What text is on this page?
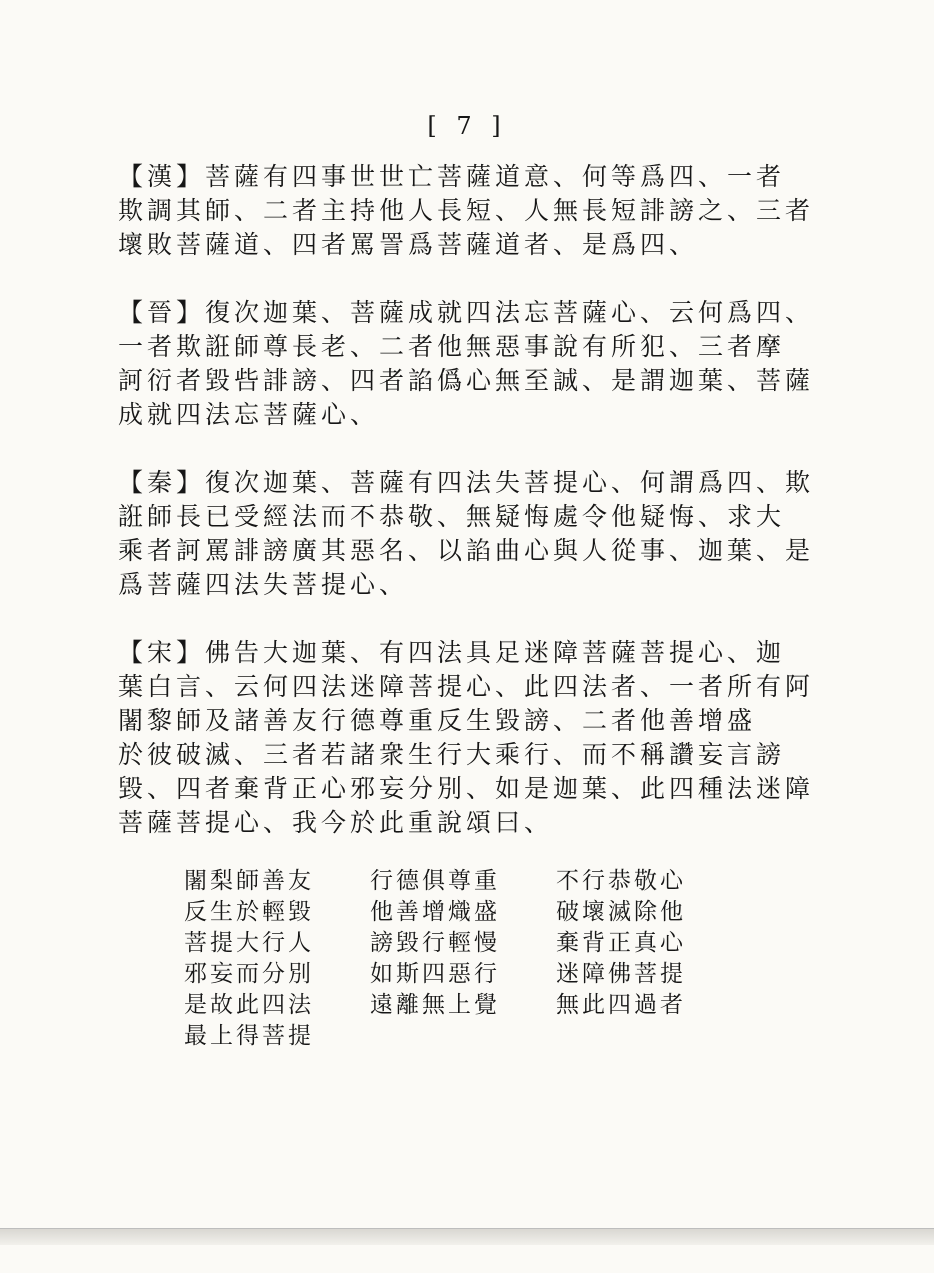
[ 7 ]
【漢】菩薩有四事世世亡菩薩道意、何等爲四、一者
欺調其師、二者主持他人長短、人無長短誹謗之、三者
壞敗菩薩道、四者罵詈爲菩薩道者、是爲四、
【晉】復次迦葉、菩薩成就四法忘菩薩心、云何爲四、
一者欺誑師尊長老、二者他無惡事說有所犯、三者摩
訶衍者毀呰誹謗、四者諂僞心無至誠、是謂迦葉、菩薩
成就四法忘菩薩心、
【秦】復次迦葉、菩薩有四法失菩提心、何謂爲四、欺
誑師長已受經法而不恭敬、無疑悔處令他疑悔、求大
乘者訶罵誹謗廣其惡名、以諂曲心與人從事、迦葉、是
爲菩薩四法失菩提心、
【宋】佛告大迦葉、有四法具足迷障菩薩菩提心、迦
葉白言、云何四法迷障菩提心、此四法者、一者所有阿
闍黎師及諸善友行德尊重反生毀謗、二者他善增盛
於彼破滅、三者若諸衆生行大乘行、而不稱讚妄言謗
毀、四者棄背正心邪妄分別、如是迦葉、此四種法迷障
菩薩菩提心、我今於此重說頌曰、
闍梨師善友
反生於輕毀
菩提大行人
邪妄而分別
是故此四法
最上得菩提
行德俱尊重
他善增熾盛
謗毀行輕慢
如斯四惡行
遠離無上覺
不行恭敬心
破壞滅除他
棄背正真心
迷障佛菩提
無此四過者
